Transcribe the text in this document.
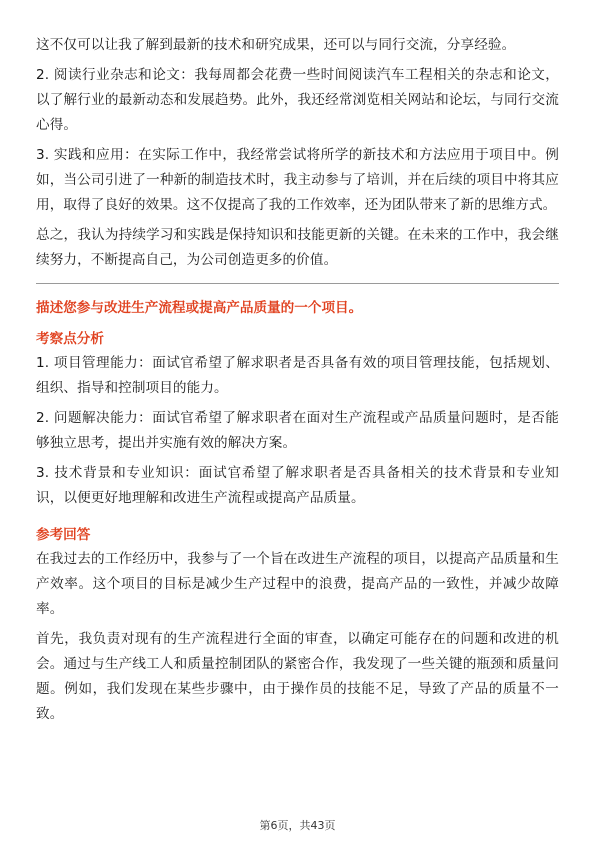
这不仅可以让我了解到最新的技术和研究成果，还可以与同行交流，分享经验。

2. 阅读行业杂志和论文：我每周都会花费一些时间阅读汽车工程相关的杂志和论文，以了解行业的最新动态和发展趋势。此外，我还经常浏览相关网站和论坛，与同行交流心得。

3. 实践和应用：在实际工作中，我经常尝试将所学的新技术和方法应用于项目中。例如，当公司引进了一种新的制造技术时，我主动参与了培训，并在后续的项目中将其应用，取得了良好的效果。这不仅提高了我的工作效率，还为团队带来了新的思维方式。

总之，我认为持续学习和实践是保持知识和技能更新的关键。在未来的工作中，我会继续努力，不断提高自己，为公司创造更多的价值。

描述您参与改进生产流程或提高产品质量的一个项目。

考察点分析

1. 项目管理能力：面试官希望了解求职者是否具备有效的项目管理技能，包括规划、组织、指导和控制项目的能力。

2. 问题解决能力：面试官希望了解求职者在面对生产流程或产品质量问题时，是否能够独立思考，提出并实施有效的解决方案。

3. 技术背景和专业知识：面试官希望了解求职者是否具备相关的技术背景和专业知识，以便更好地理解和改进生产流程或提高产品质量。

参考回答

在我过去的工作经历中，我参与了一个旨在改进生产流程的项目，以提高产品质量和生产效率。这个项目的目标是减少生产过程中的浪费，提高产品的一致性，并减少故障率。

首先，我负责对现有的生产流程进行全面的审查，以确定可能存在的问题和改进的机会。通过与生产线工人和质量控制团队的紧密合作，我发现了一些关键的瓶颈和质量问题。例如，我们发现在某些步骤中，由于操作员的技能不足，导致了产品的质量不一致。

第6页，共43页
